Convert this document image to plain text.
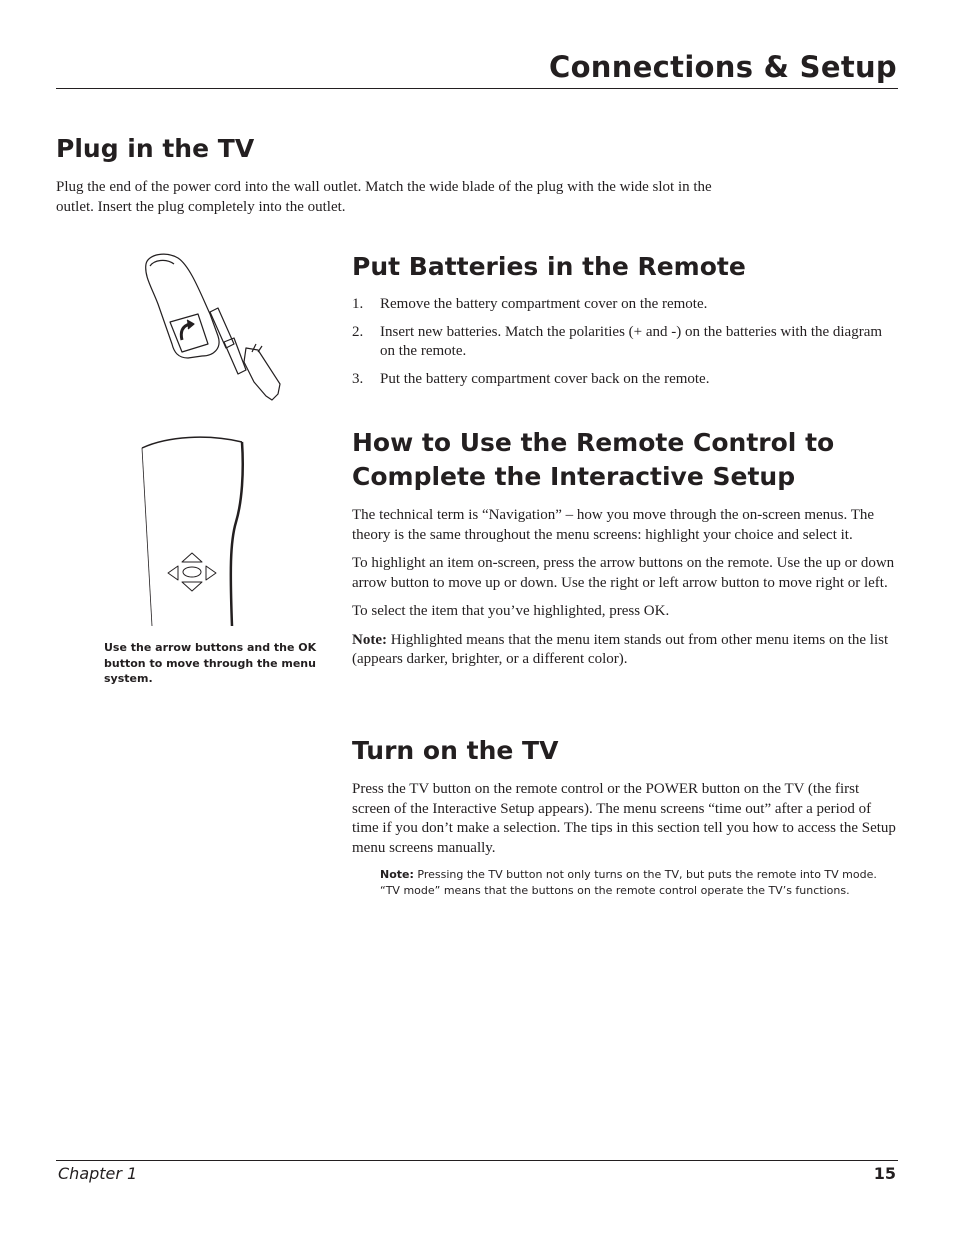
Connections & Setup
Plug in the TV

Plug the end of the power cord into the wall outlet. Match the wide blade of the plug with the wide slot in the outlet. Insert the plug completely into the outlet.

Put Batteries in the Remote
1. Remove the battery compartment cover on the remote.
2. Insert new batteries. Match the polarities (+ and -) on the batteries with the diagram on the remote.
3. Put the battery compartment cover back on the remote.
Use the arrow buttons and the OK button to move through the menu system.
How to Use the Remote Control to Complete the Interactive Setup

The technical term is “Navigation” – how you move through the on-screen menus. The theory is the same throughout the menu screens: highlight your choice and select it.

To highlight an item on-screen, press the arrow buttons on the remote. Use the up or down arrow button to move up or down. Use the right or left arrow button to move right or left.

To select the item that you’ve highlighted, press OK.

Note: Highlighted means that the menu item stands out from other menu items on the list (appears darker, brighter, or a different color).

Turn on the TV

Press the TV button on the remote control or the POWER button on the TV (the first screen of the Interactive Setup appears). The menu screens “time out” after a period of time if you don’t make a selection. The tips in this section tell you how to access the Setup menu screens manually.

Note: Pressing the TV button not only turns on the TV, but puts the remote into TV mode. “TV mode” means that the buttons on the remote control operate the TV’s functions.

Chapter 1	15
